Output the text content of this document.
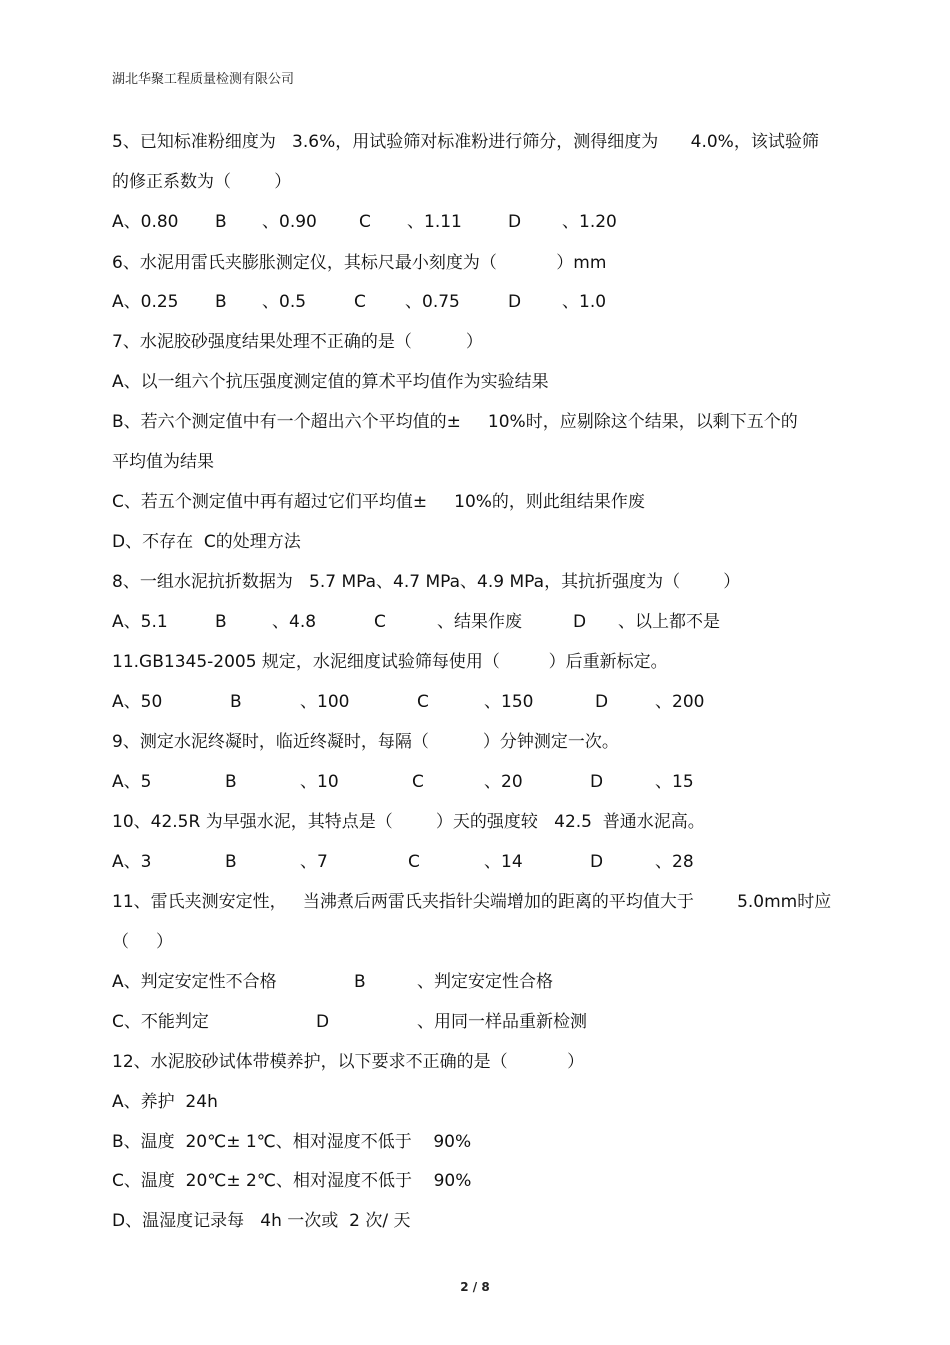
湖北华聚工程质量检测有限公司
5、已知标准粉细度为   3.6%，用试验筛对标准粉进行筛分，测得细度为      4.0%，该试验筛
的修正系数为（        ）
A、0.80 B 、0.90 C 、1.11	D 、1.20
6、水泥用雷氏夹膨胀测定仪，其标尺最小刻度为（           ）mm
A、0.25 B 、0.5	C 、0.75	D 、1.0
7、水泥胶砂强度结果处理不正确的是（          ）
A、以一组六个抗压强度测定值的算术平均值作为实验结果
B、若六个测定值中有一个超出六个平均值的±     10%时，应剔除这个结果，以剩下五个的
平均值为结果
C、若五个测定值中再有超过它们平均值±     10%的，则此组结果作废
D、不存在  C的处理方法
8、一组水泥抗折数据为   5.7 MPa、4.7 MPa、4.9 MPa，其抗折强度为（        ）
A、5.1	B	、4.8	C	、结果作废	D 、以上都不是
11.GB1345-2005 规定，水泥细度试验筛每使用（         ）后重新标定。
A、50	B	、100	C	、150	D	、200
9、测定水泥终凝时，临近终凝时，每隔（          ）分钟测定一次。
A、5	B	、10	C	、20	D	、15
10、42.5R 为早强水泥，其特点是（        ）天的强度较   42.5  普通水泥高。
A、3	B	、7	C	、14	D	、28
11、雷氏夹测安定性，   当沸煮后两雷氏夹指针尖端增加的距离的平均值大于        5.0mm时应
（     ）
A、判定安定性不合格	B	、判定安定性合格
C、不能判定	D	、用同一样品重新检测
12、水泥胶砂试体带模养护，以下要求不正确的是（           ）
A、养护  24h
B、温度  20℃± 1℃、相对湿度不低于    90%
C、温度  20℃± 2℃、相对湿度不低于    90%
D、温湿度记录每   4h 一次或  2 次/ 天
2 / 8
